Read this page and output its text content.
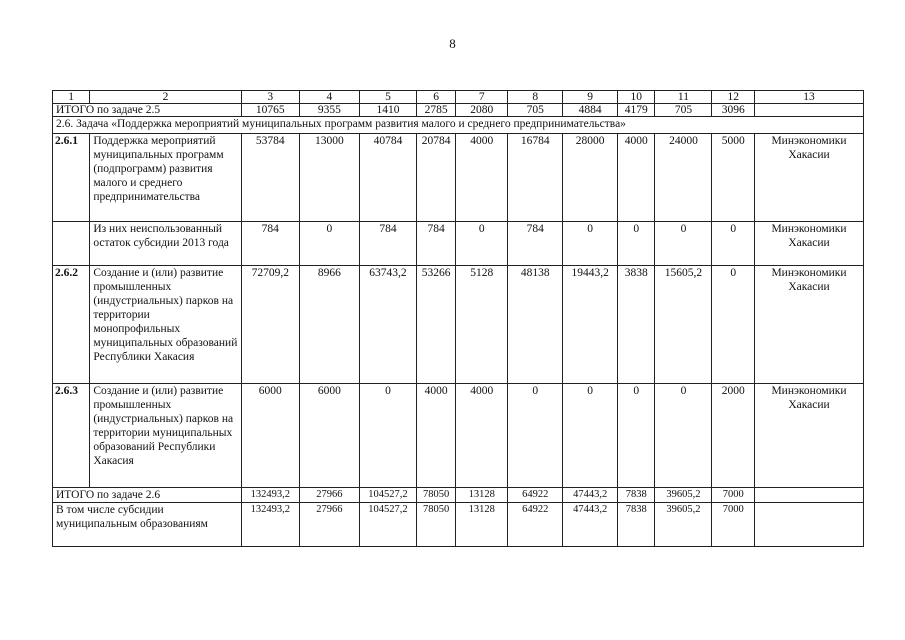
8
1	2	3	4	5	6	7	8	9	10	11	12	13
ИТОГО по задаче 2.5		10765	9355	1410	2785	2080	705	4884	4179	705	3096	
2.6. Задача «Поддержка мероприятий муниципальных программ развития малого и среднего предпринимательства»												
2.6.1	Поддержка мероприятий муниципальных программ (подпрограмм) развития малого и среднего предпринимательства	53784	13000	40784	20784	4000	16784	28000	4000	24000	5000	Минэкономики Хакасии
	Из них неиспользованный остаток субсидии 2013 года	784	0	784	784	0	784	0	0	0	0	Минэкономики Хакасии
2.6.2	Создание и (или) развитие промышленных (индустриальных) парков на территории монопрофильных муниципальных образований Республики Хакасия	72709,2	8966	63743,2	53266	5128	48138	19443,2	3838	15605,2	0	Минэкономики Хакасии
2.6.3	Создание и (или) развитие промышленных (индустриальных) парков на территории муниципальных образований Республики Хакасия	6000	6000	0	4000	4000	0	0	0	0	2000	Минэкономики Хакасии
ИТОГО по задаче 2.6		132493,2	27966	104527,2	78050	13128	64922	47443,2	7838	39605,2	7000	
В том числе субсидии муниципальным образованиям		132493,2	27966	104527,2	78050	13128	64922	47443,2	7838	39605,2	7000	
